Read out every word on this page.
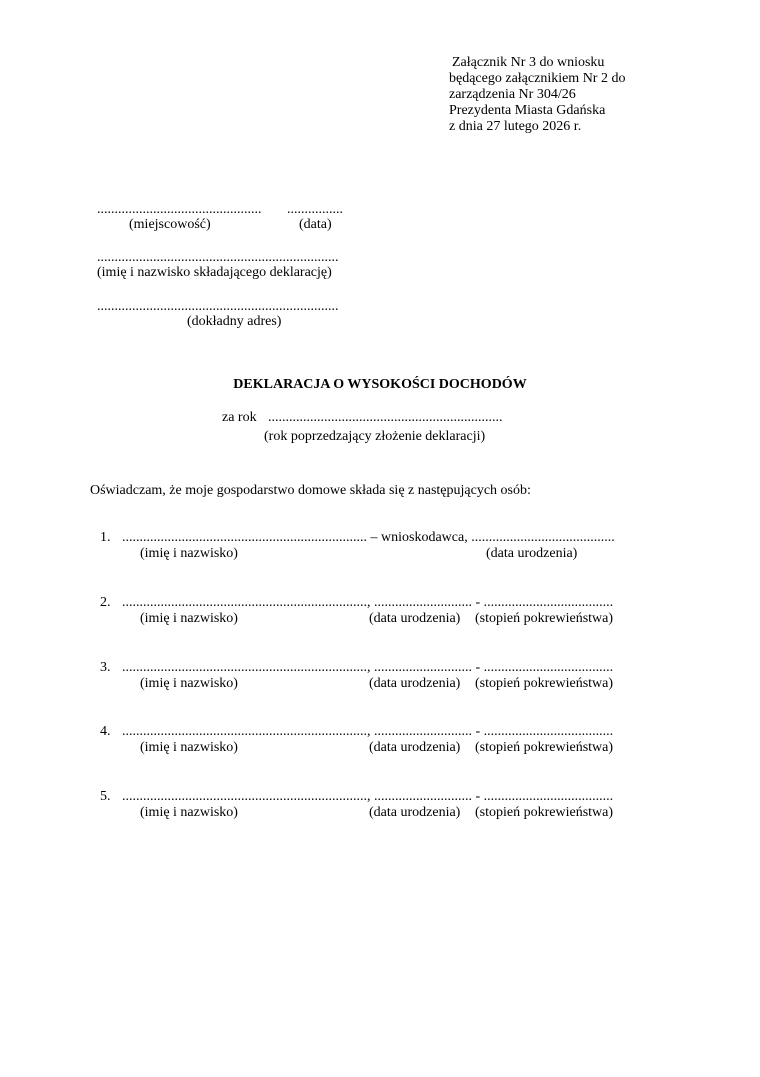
Załącznik Nr 3 do wniosku
będącego załącznikiem Nr 2 do
zarządzenia Nr 304/26
Prezydenta Miasta Gdańska
z dnia 27 lutego 2026 r.
............................................... ................
(miejscowość)	(data)
.....................................................................
(imię i nazwisko składającego deklarację)
.....................................................................
(dokładny adres)
DEKLARACJA O WYSOKOŚCI DOCHODÓW
za rok ...................................................................
(rok poprzedzający złożenie deklaracji)
Oświadczam, że moje gospodarstwo domowe składa się z następujących osób:
1. ...................................................................... – wnioskodawca, .........................................
(imię i nazwisko)	(data urodzenia)
2. ......................................................................, ............................ - .....................................
(imię i nazwisko)	(data urodzenia) (stopień pokrewieństwa)
3. ......................................................................, ............................ - .....................................
(imię i nazwisko)	(data urodzenia) (stopień pokrewieństwa)
4. ......................................................................, ............................ - .....................................
(imię i nazwisko)	(data urodzenia) (stopień pokrewieństwa)
5. ......................................................................, ............................ - .....................................
(imię i nazwisko)	(data urodzenia) (stopień pokrewieństwa)
